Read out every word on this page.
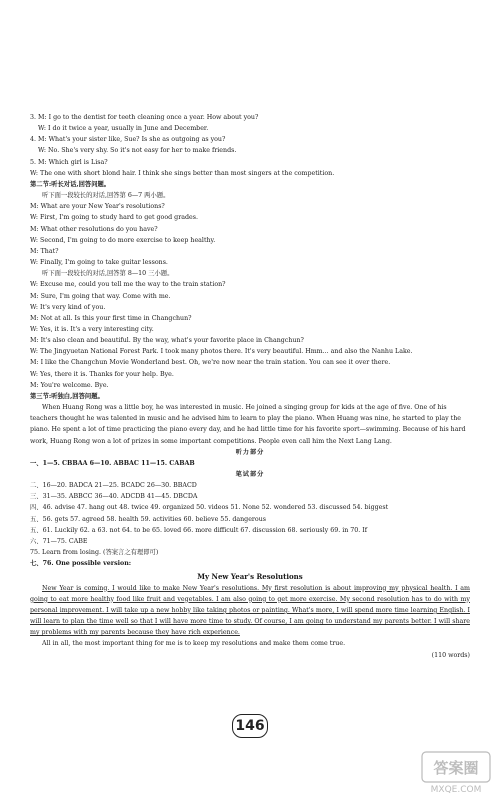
3. M: I go to the dentist for teeth cleaning once a year. How about you?
W: I do it twice a year, usually in June and December.
4. M: What's your sister like, Sue? Is she as outgoing as you?
W: No. She's very shy. So it's not easy for her to make friends.
5. M: Which girl is Lisa?
W: The one with short blond hair. I think she sings better than most singers at the competition.
第二节:听长对话,回答问题。
听下面一段较长的对话,回答第 6—7 两小题。
M: What are your New Year's resolutions?
W: First, I'm going to study hard to get good grades.
M: What other resolutions do you have?
W: Second, I'm going to do more exercise to keep healthy.
M: That?
W: Finally, I'm going to take guitar lessons.
听下面一段较长的对话,回答第 8—10 三小题。
W: Excuse me, could you tell me the way to the train station?
M: Sure, I'm going that way. Come with me.
W: It's very kind of you.
M: Not at all. Is this your first time in Changchun?
W: Yes, it is. It's a very interesting city.
M: It's also clean and beautiful. By the way, what's your favorite place in Changchun?
W: The Jingyuetan National Forest Park. I took many photos there. It's very beautiful. Hmm... and also the Nanhu Lake.
M: I like the Changchun Movie Wonderland best. Oh, we're now near the train station. You can see it over there.
W: Yes, there it is. Thanks for your help. Bye.
M: You're welcome. Bye.
第三节:听独白,回答问题。
When Huang Rong was a little boy, he was interested in music. He joined a singing group for kids at the age of five. One of his
teachers thought he was talented in music and he advised him to learn to play the piano. When Huang was nine, he started to play the
piano. He spent a lot of time practicing the piano every day, and he had little time for his favorite sport—swimming. Because of his hard
work, Huang Rong won a lot of prizes in some important competitions. People even call him the Next Lang Lang.
听力部分
一、1—5. CBBAA 6—10. ABBAC 11—15. CABAB
笔试部分
二、16—20. BADCA 21—25. BCADC 26—30. BBACD
三、31—35. ABBCC 36—40. ADCDB 41—45. DBCDA
四、46. advise 47. hang out 48. twice 49. organized 50. videos 51. None 52. wondered 53. discussed 54. biggest
五、56. gets 57. agreed 58. health 59. activities 60. believe 55. dangerous
五、61. Luckily 62. a 63. not 64. to be 65. loved 66. more difficult 67. discussion 68. seriously 69. in 70. If
六、71—75. CABE
75. Learn from losing. (答案言之有理即可)
七、76. One possible version:
My New Year's Resolutions
New Year is coming. I would like to make New Year's resolutions. My first resolution is about improving my physical health. I am going to eat more healthy food like fruit and vegetables. I am also going to get more exercise. My second resolution has to do with my personal improvement. I will take up a new hobby like taking photos or painting. What's more, I will spend more time learning English. I will learn to plan the time well so that I will have more time to study. Of course, I am going to understand my parents better. I will share my problems with my parents because they have rich experience.
All in all, the most important thing for me is to keep my resolutions and make them come true.
(110 words)
146
答案圈
MXQE.COM
